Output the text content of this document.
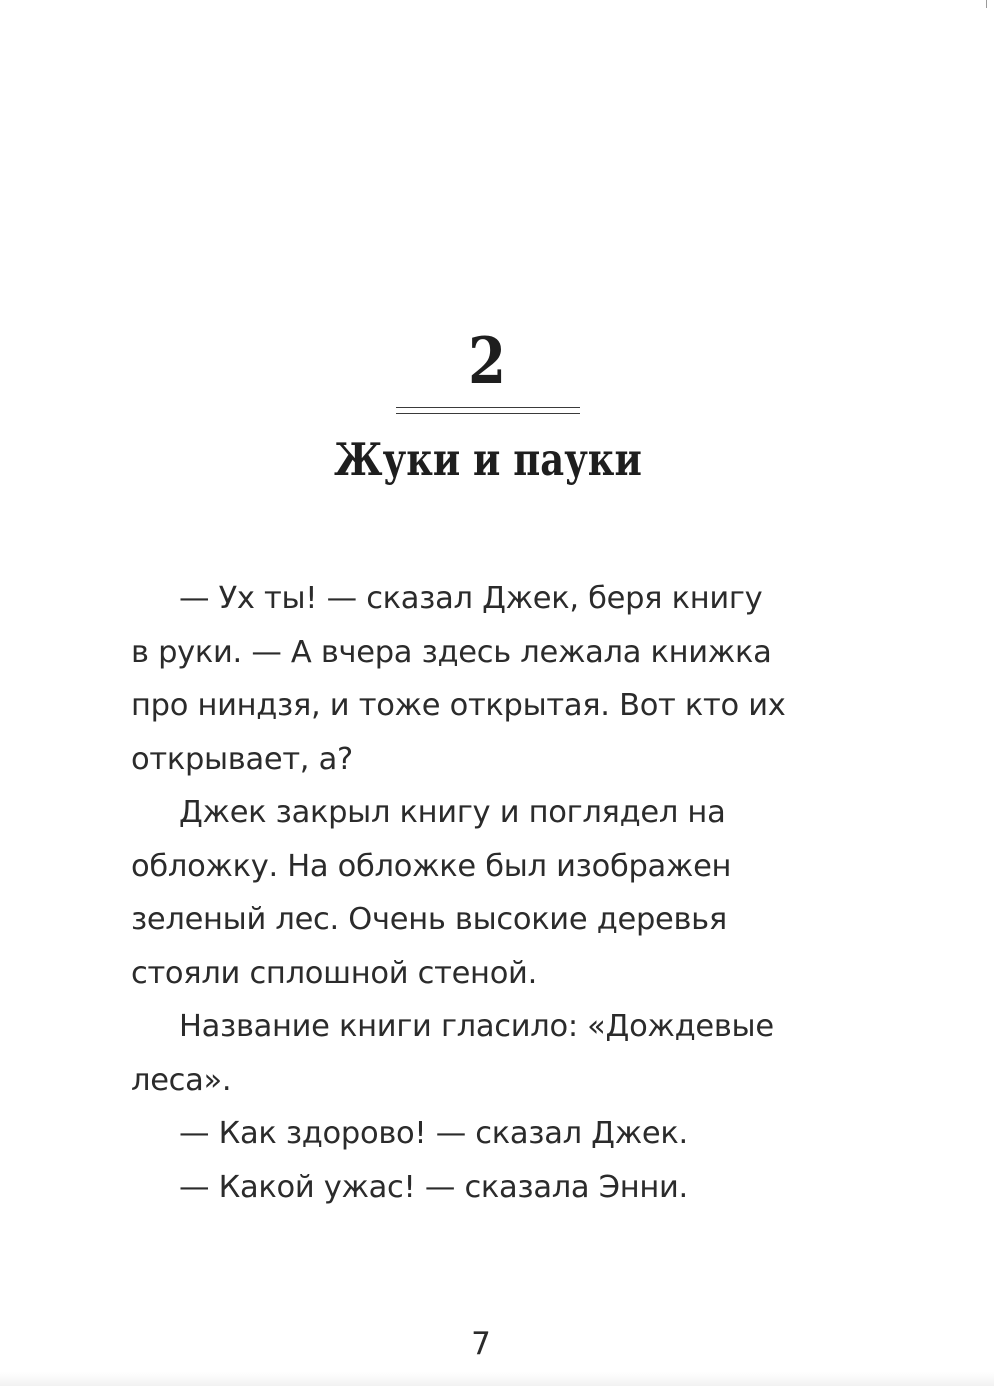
2
Жуки и пауки
— Ух ты! — сказал Джек, беря книгу
в руки. — А вчера здесь лежала книжка
про ниндзя, и тоже открытая. Вот кто их
открывает, а?
Джек закрыл книгу и поглядел на
обложку. На обложке был изображен
зеленый лес. Очень высокие деревья
стояли сплошной стеной.
Название книги гласило: «Дождевые
леса».
— Как здорово! — сказал Джек.
— Какой ужас! — сказала Энни.
7
